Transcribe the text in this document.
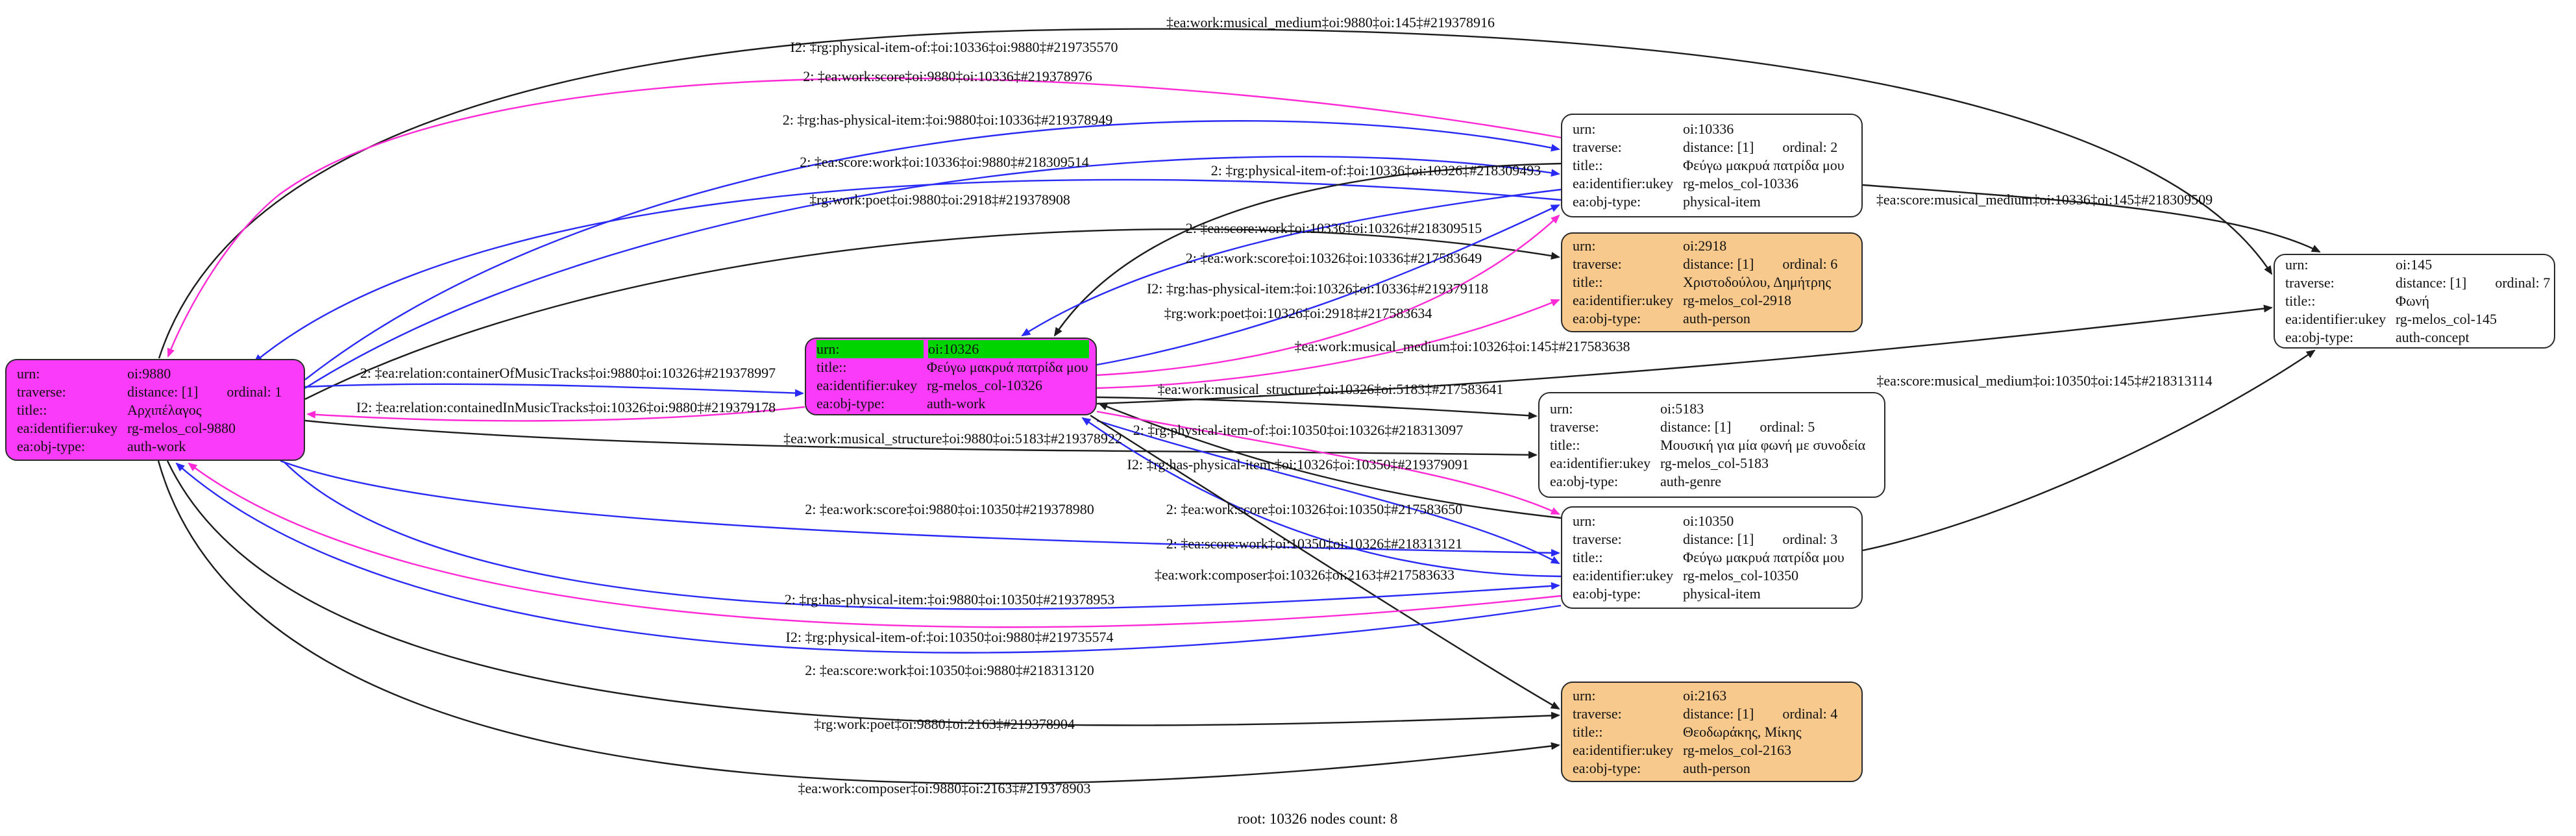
‡ea:work:musical_medium‡oi:9880‡oi:145‡#219378916
I2: ‡rg:physical-item-of:‡oi:10336‡oi:9880‡#219735570
2: ‡ea:work:score‡oi:9880‡oi:10336‡#219378976
2: ‡rg:has-physical-item:‡oi:9880‡oi:10336‡#219378949
2: ‡ea:score:work‡oi:10336‡oi:9880‡#218309514
‡rg:work:poet‡oi:9880‡oi:2918‡#219378908
2: ‡rg:physical-item-of:‡oi:10336‡oi:10326‡#218309493
2: ‡ea:score:work‡oi:10336‡oi:10326‡#218309515
2: ‡ea:work:score‡oi:10326‡oi:10336‡#217583649
I2: ‡rg:has-physical-item:‡oi:10326‡oi:10336‡#219379118
‡rg:work:poet‡oi:10326‡oi:2918‡#217583634
‡ea:work:musical_medium‡oi:10326‡oi:145‡#217583638
2: ‡ea:relation:containerOfMusicTracks‡oi:9880‡oi:10326‡#219378997
I2: ‡ea:relation:containedInMusicTracks‡oi:10326‡oi:9880‡#219379178
‡ea:work:musical_structure‡oi:9880‡oi:5183‡#219378922
‡ea:work:musical_structure‡oi:10326‡oi:5183‡#217583641
2: ‡rg:physical-item-of:‡oi:10350‡oi:10326‡#218313097
I2: ‡rg:has-physical-item:‡oi:10326‡oi:10350‡#219379091
2: ‡ea:work:score‡oi:9880‡oi:10350‡#219378980	2: ‡ea:work:score‡oi:10326‡oi:10350‡#217583650
2: ‡ea:score:work‡oi:10350‡oi:10326‡#218313121
‡ea:work:composer‡oi:10326‡oi:2163‡#217583633
2: ‡rg:has-physical-item:‡oi:9880‡oi:10350‡#219378953
I2: ‡rg:physical-item-of:‡oi:10350‡oi:9880‡#219735574
2: ‡ea:score:work‡oi:10350‡oi:9880‡#218313120
‡rg:work:poet‡oi:9880‡oi:2163‡#219378904
‡ea:work:composer‡oi:9880‡oi:2163‡#219378903
‡ea:score:musical_medium‡oi:10336‡oi:145‡#218309509
‡ea:score:musical_medium‡oi:10350‡oi:145‡#218313114
urn:	oi:9880
traverse:	distance: [1] ordinal: 1
title::	Αρχιπέλαγος
ea:identifier:ukey rg-melos_col-9880
ea:obj-type:	auth-work
urn:	oi:10326
title::	Φεύγω μακρυά πατρίδα μου
ea:identifier:ukey rg-melos_col-10326
ea:obj-type:	auth-work
urn:	oi:10336
traverse:	distance: [1] ordinal: 2
title::	Φεύγω μακρυά πατρίδα μου
ea:identifier:ukey rg-melos_col-10336
ea:obj-type:	physical-item
urn:	oi:2918
traverse:	distance: [1] ordinal: 6
title::	Χριστοδούλου, Δημήτρης
ea:identifier:ukey rg-melos_col-2918
ea:obj-type:	auth-person
urn:	oi:5183
traverse:	distance: [1] ordinal: 5
title::	Μουσική για μία φωνή με συνοδεία
ea:identifier:ukey rg-melos_col-5183
ea:obj-type:	auth-genre
urn:	oi:10350
traverse:	distance: [1] ordinal: 3
title::	Φεύγω μακρυά πατρίδα μου
ea:identifier:ukey rg-melos_col-10350
ea:obj-type:	physical-item
urn:	oi:2163
traverse:	distance: [1] ordinal: 4
title::	Θεοδωράκης, Μίκης
ea:identifier:ukey rg-melos_col-2163
ea:obj-type:	auth-person
urn:	oi:145
traverse:	distance: [1] ordinal: 7
title::	Φωνή
ea:identifier:ukey rg-melos_col-145
ea:obj-type:	auth-concept
root: 10326 nodes count: 8
